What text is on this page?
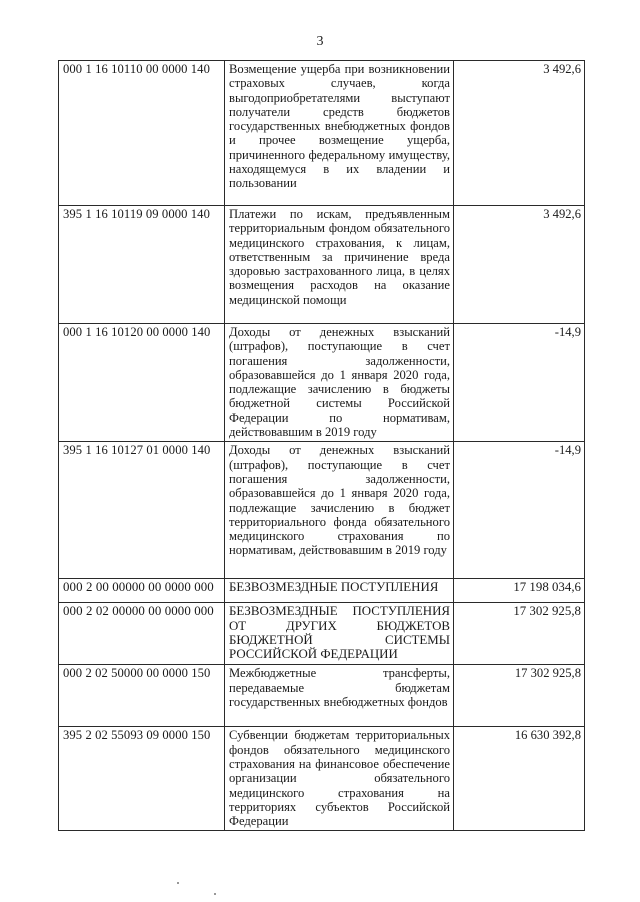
3
000 1 16 10110 00 0000 140	Возмещение ущерба при возникновении страховых случаев, когда выгодоприобретателями выступают получатели средств бюджетов государственных внебюджетных фондов и прочее возмещение ущерба, причиненного федеральному имуществу, находящемуся в их владении и пользовании	3 492,6
395 1 16 10119 09 0000 140	Платежи по искам, предъявленным территориальным фондом обязательного медицинского страхования, к лицам, ответственным за причинение вреда здоровью застрахованного лица, в целях возмещения расходов на оказание медицинской помощи	3 492,6
000 1 16 10120 00 0000 140	Доходы от денежных взысканий (штрафов), поступающие в счет погашения задолженности, образовавшейся до 1 января 2020 года, подлежащие зачислению в бюджеты бюджетной системы Российской Федерации по нормативам, действовавшим в 2019 году	-14,9
395 1 16 10127 01 0000 140	Доходы от денежных взысканий (штрафов), поступающие в счет погашения задолженности, образовавшейся до 1 января 2020 года, подлежащие зачислению в бюджет территориального фонда обязательного медицинского страхования по нормативам, действовавшим в 2019 году	-14,9
000 2 00 00000 00 0000 000	БЕЗВОЗМЕЗДНЫЕ ПОСТУПЛЕНИЯ	17 198 034,6
000 2 02 00000 00 0000 000	БЕЗВОЗМЕЗДНЫЕ ПОСТУПЛЕНИЯ ОТ ДРУГИХ БЮДЖЕТОВ БЮДЖЕТНОЙ СИСТЕМЫ РОССИЙСКОЙ ФЕДЕРАЦИИ	17 302 925,8
000 2 02 50000 00 0000 150	Межбюджетные трансферты, передаваемые бюджетам государственных внебюджетных фондов	17 302 925,8
395 2 02 55093 09 0000 150	Субвенции бюджетам территориальных фондов обязательного медицинского страхования на финансовое обеспечение организации обязательного медицинского страхования на территориях субъектов Российской Федерации	16 630 392,8
